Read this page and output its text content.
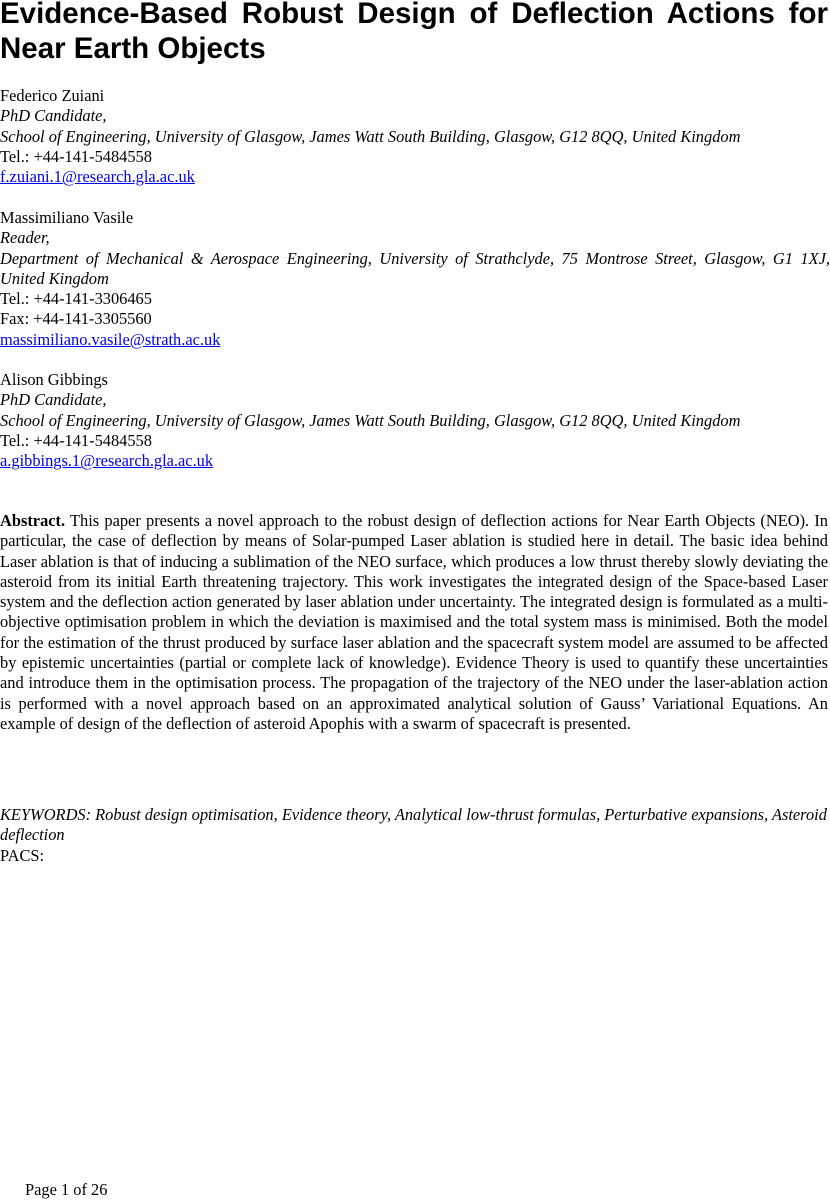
Evidence-Based Robust Design of Deflection Actions for Near Earth Objects
Federico Zuiani
PhD Candidate,
School of Engineering, University of Glasgow, James Watt South Building, Glasgow, G12 8QQ, United Kingdom
Tel.: +44-141-5484558
f.zuiani.1@research.gla.ac.uk
Massimiliano Vasile
Reader,
Department of Mechanical & Aerospace Engineering, University of Strathclyde, 75 Montrose Street, Glasgow, G1 1XJ, United Kingdom
Tel.: +44-141-3306465
Fax: +44-141-3305560
massimiliano.vasile@strath.ac.uk
Alison Gibbings
PhD Candidate,
School of Engineering, University of Glasgow, James Watt South Building, Glasgow, G12 8QQ, United Kingdom
Tel.: +44-141-5484558
a.gibbings.1@research.gla.ac.uk

Abstract. This paper presents a novel approach to the robust design of deflection actions for Near Earth Objects (NEO). In particular, the case of deflection by means of Solar-pumped Laser ablation is studied here in detail. The basic idea behind Laser ablation is that of inducing a sublimation of the NEO surface, which produces a low thrust thereby slowly deviating the asteroid from its initial Earth threatening trajectory. This work investigates the integrated design of the Space-based Laser system and the deflection action generated by laser ablation under uncertainty. The integrated design is formulated as a multi-objective optimisation problem in which the deviation is maximised and the total system mass is minimised. Both the model for the estimation of the thrust produced by surface laser ablation and the spacecraft system model are assumed to be affected by epistemic uncertainties (partial or complete lack of knowledge). Evidence Theory is used to quantify these uncertainties and introduce them in the optimisation process. The propagation of the trajectory of the NEO under the laser-ablation action is performed with a novel approach based on an approximated analytical solution of Gauss’ Variational Equations. An example of design of the deflection of asteroid Apophis with a swarm of spacecraft is presented.

KEYWORDS: Robust design optimisation, Evidence theory, Analytical low-thrust formulas, Perturbative expansions, Asteroid deflection
PACS:
Page 1 of 26
